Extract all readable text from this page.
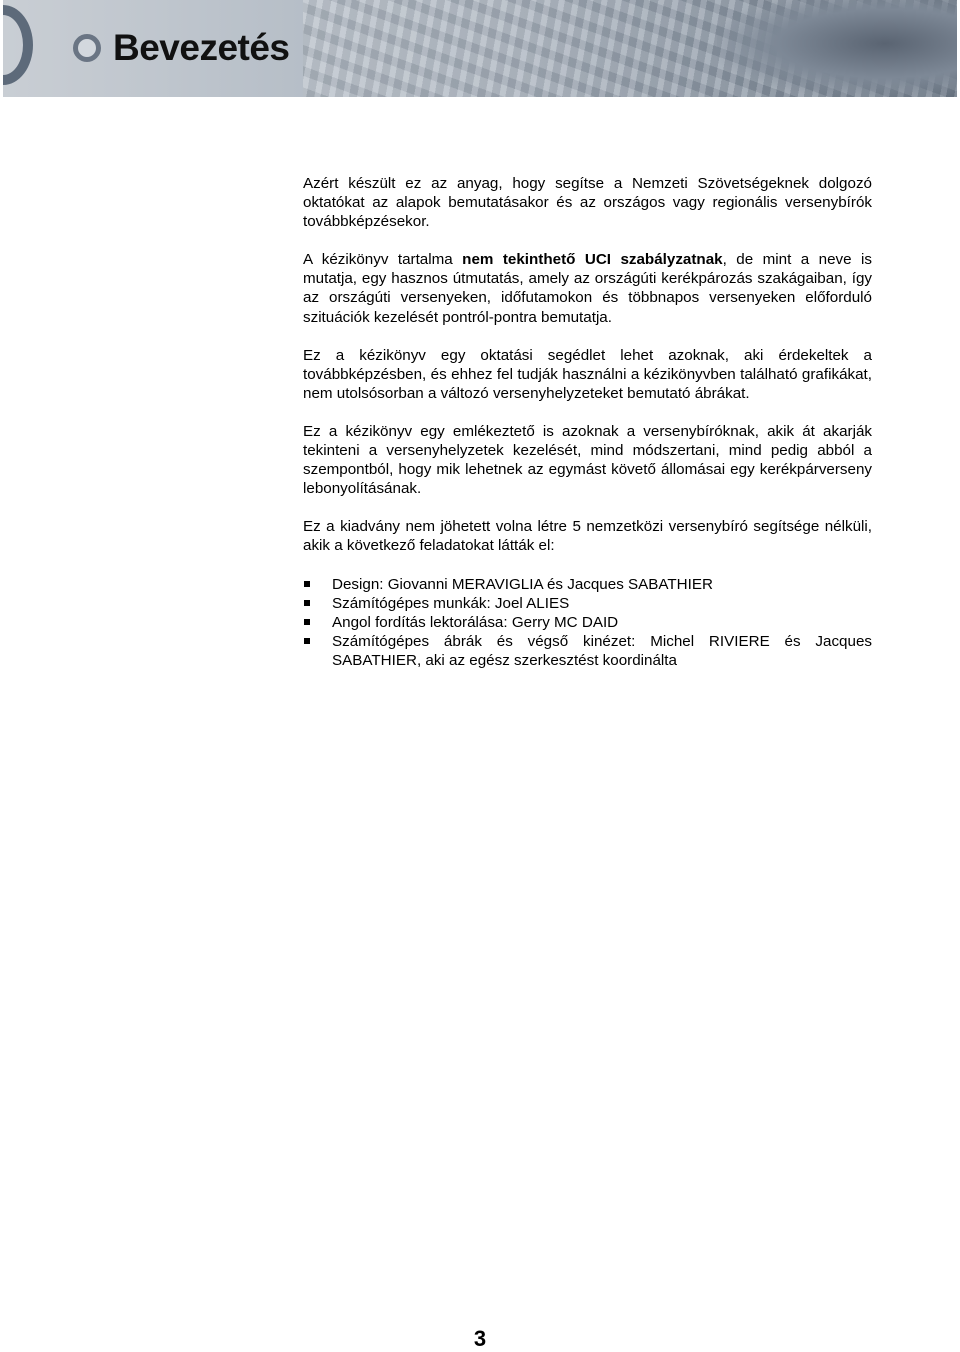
Bevezetés

Azért készült ez az anyag, hogy segítse a Nemzeti Szövetségeknek dolgozó oktatókat az alapok bemutatásakor és az országos vagy regionális versenybírók továbbképzésekor.

A kézikönyv tartalma nem tekinthető UCI szabályzatnak, de mint a neve is mutatja, egy hasznos útmutatás, amely az országúti kerékpározás szakágaiban, így az országúti versenyeken, időfutamokon és többnapos versenyeken előforduló szituációk kezelését pontról-pontra bemutatja.

Ez a kézikönyv egy oktatási segédlet lehet azoknak, aki érdekeltek a továbbképzésben, és ehhez fel tudják használni a kézikönyvben található grafikákat, nem utolsósorban a változó versenyhelyzeteket bemutató ábrákat.

Ez a kézikönyv egy emlékeztető is azoknak a versenybíróknak, akik át akarják tekinteni a versenyhelyzetek kezelését, mind módszertani, mind pedig abból a szempontból, hogy mik lehetnek az egymást követő állomásai egy kerékpárverseny lebonyolításának.

Ez a kiadvány nem jöhetett volna létre 5 nemzetközi versenybíró segítsége nélküli, akik a következő feladatokat látták el:

Design: Giovanni MERAVIGLIA és Jacques SABATHIER
Számítógépes munkák: Joel ALIES
Angol fordítás lektorálása: Gerry MC DAID
Számítógépes ábrák és végső kinézet: Michel RIVIERE és Jacques SABATHIER, aki az egész szerkesztést koordinálta
3
